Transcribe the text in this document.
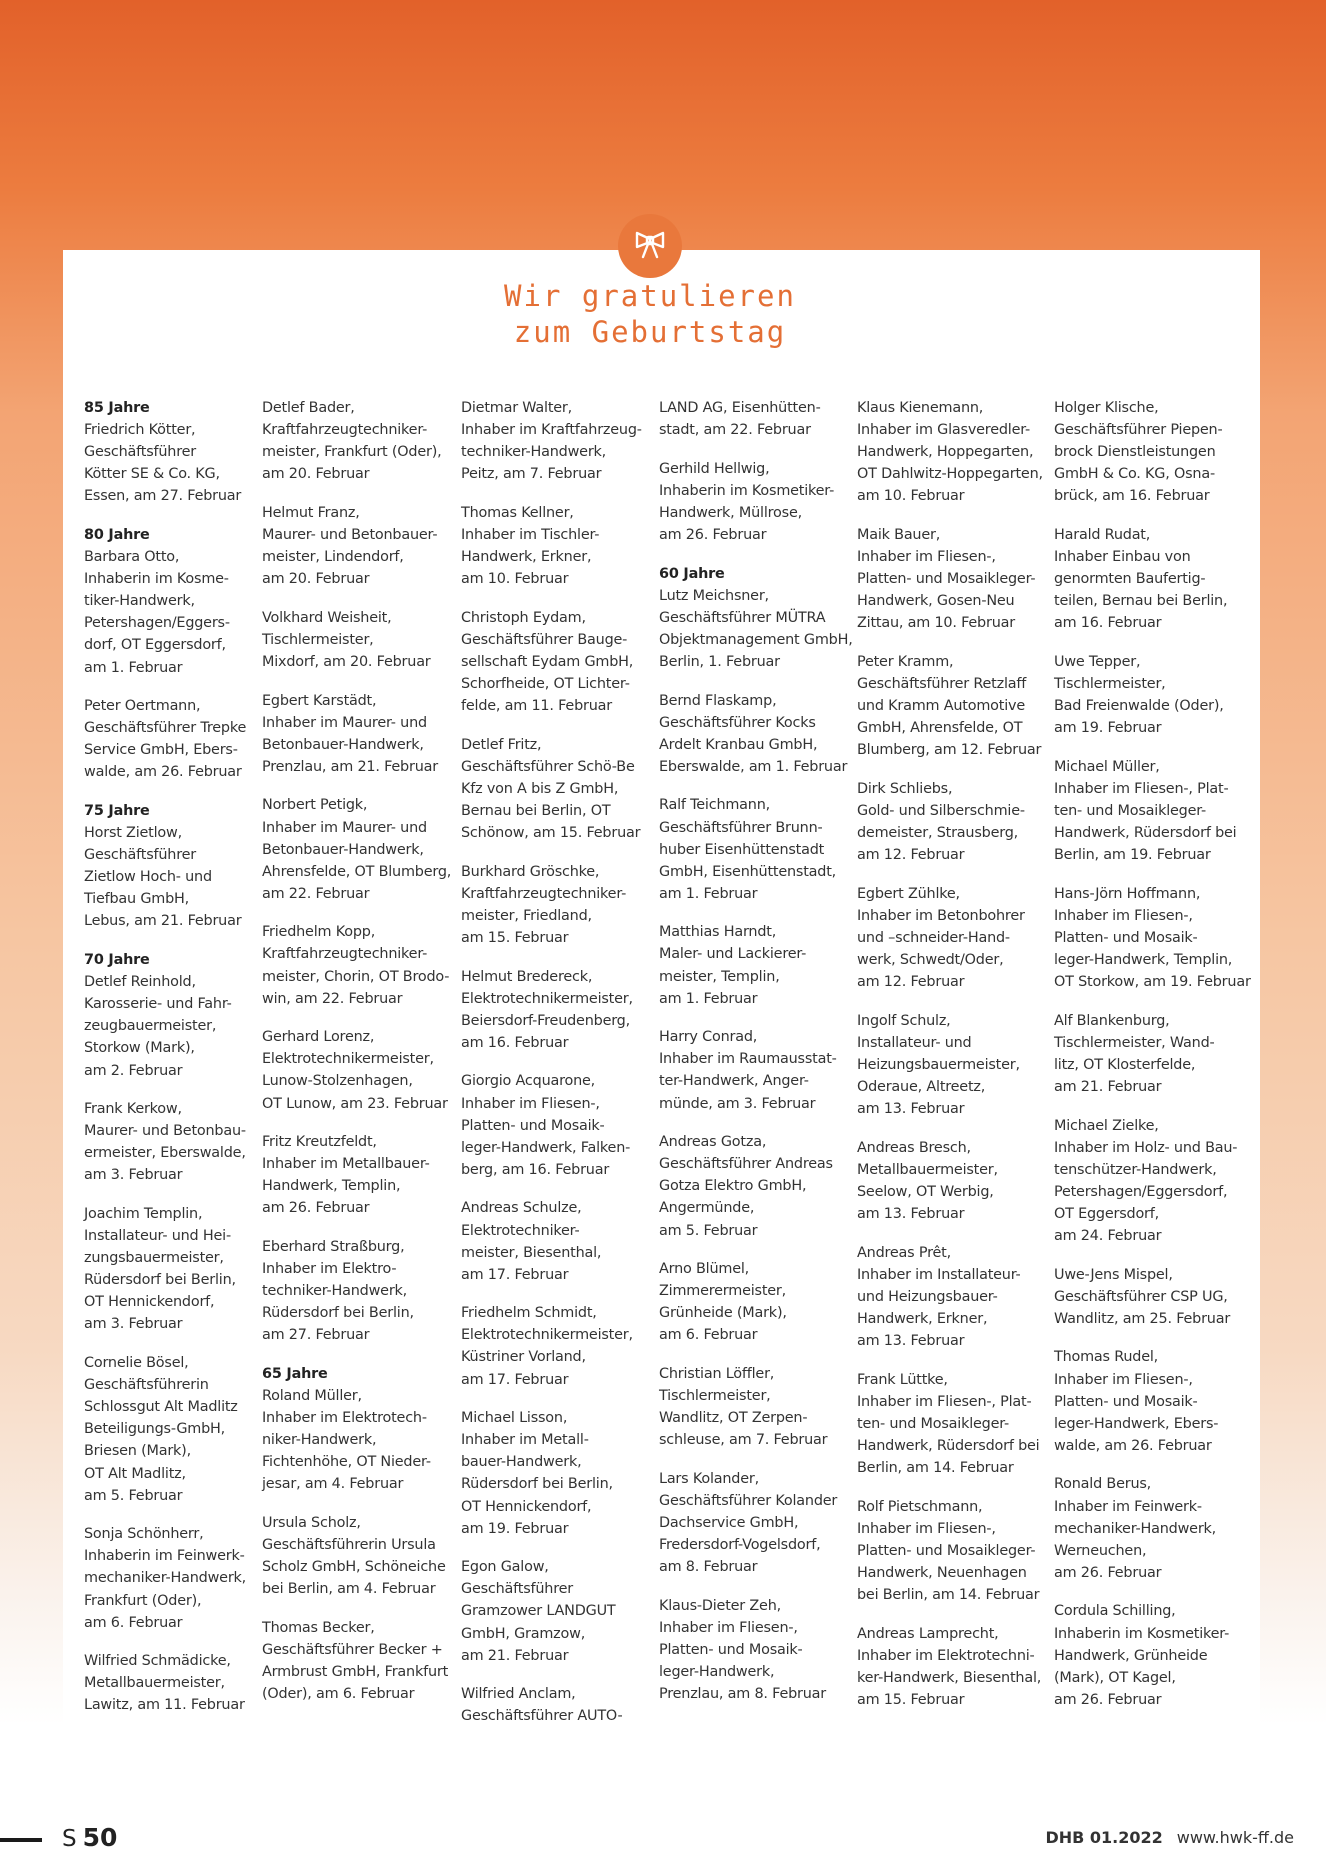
Wir gratulieren
zum Geburtstag
85 Jahre
Friedrich Kötter,
Geschäftsführer
Kötter SE & Co. KG,
Essen, am 27. Februar
80 Jahre
Barbara Otto,
Inhaberin im Kosme-
tiker-Handwerk,
Petershagen/Eggers-
dorf, OT Eggersdorf,
am 1. Februar
Peter Oertmann,
Geschäftsführer Trepke
Service GmbH, Ebers-
walde, am 26. Februar
75 Jahre
Horst Zietlow,
Geschäftsführer
Zietlow Hoch- und
Tiefbau GmbH,
Lebus, am 21. Februar
70 Jahre
Detlef Reinhold,
Karosserie- und Fahr-
zeugbauermeister,
Storkow (Mark),
am 2. Februar
Frank Kerkow,
Maurer- und Betonbau-
ermeister, Eberswalde,
am 3. Februar
Joachim Templin,
Installateur- und Hei-
zungsbauermeister,
Rüdersdorf bei Berlin,
OT Hennickendorf,
am 3. Februar
Cornelie Bösel,
Geschäftsführerin
Schlossgut Alt Madlitz
Beteiligungs-GmbH,
Briesen (Mark),
OT Alt Madlitz,
am 5. Februar
Sonja Schönherr,
Inhaberin im Feinwerk-
mechaniker-Handwerk,
Frankfurt (Oder),
am 6. Februar
Wilfried Schmädicke,
Metallbauermeister,
Lawitz, am 11. Februar
Detlef Bader,
Kraftfahrzeugtechniker-
meister, Frankfurt (Oder),
am 20. Februar
Helmut Franz,
Maurer- und Betonbauer-
meister, Lindendorf,
am 20. Februar
Volkhard Weisheit,
Tischlermeister,
Mixdorf, am 20. Februar
Egbert Karstädt,
Inhaber im Maurer- und
Betonbauer-Handwerk,
Prenzlau, am 21. Februar
Norbert Petigk,
Inhaber im Maurer- und
Betonbauer-Handwerk,
Ahrensfelde, OT Blumberg,
am 22. Februar
Friedhelm Kopp,
Kraftfahrzeugtechniker-
meister, Chorin, OT Brodo-
win, am 22. Februar
Gerhard Lorenz,
Elektrotechnikermeister,
Lunow-Stolzenhagen,
OT Lunow, am 23. Februar
Fritz Kreutzfeldt,
Inhaber im Metallbauer-
Handwerk, Templin,
am 26. Februar
Eberhard Straßburg,
Inhaber im Elektro-
techniker-Handwerk,
Rüdersdorf bei Berlin,
am 27. Februar
65 Jahre
Roland Müller,
Inhaber im Elektrotech-
niker-Handwerk,
Fichtenhöhe, OT Nieder-
jesar, am 4. Februar
Ursula Scholz,
Geschäftsführerin Ursula
Scholz GmbH, Schöneiche
bei Berlin, am 4. Februar
Thomas Becker,
Geschäftsführer Becker +
Armbrust GmbH, Frankfurt
(Oder), am 6. Februar
Dietmar Walter,
Inhaber im Kraftfahrzeug-
techniker-Handwerk,
Peitz, am 7. Februar
Thomas Kellner,
Inhaber im Tischler-
Handwerk, Erkner,
am 10. Februar
Christoph Eydam,
Geschäftsführer Bauge-
sellschaft Eydam GmbH,
Schorfheide, OT Lichter-
felde, am 11. Februar
Detlef Fritz,
Geschäftsführer Schö-Be
Kfz von A bis Z GmbH,
Bernau bei Berlin, OT
Schönow, am 15. Februar
Burkhard Gröschke,
Kraftfahrzeugtechniker-
meister, Friedland,
am 15. Februar
Helmut Bredereck,
Elektrotechnikermeister,
Beiersdorf-Freudenberg,
am 16. Februar
Giorgio Acquarone,
Inhaber im Fliesen-,
Platten- und Mosaik-
leger-Handwerk, Falken-
berg, am 16. Februar
Andreas Schulze,
Elektrotechniker-
meister, Biesenthal,
am 17. Februar
Friedhelm Schmidt,
Elektrotechnikermeister,
Küstriner Vorland,
am 17. Februar
Michael Lisson,
Inhaber im Metall-
bauer-Handwerk,
Rüdersdorf bei Berlin,
OT Hennickendorf,
am 19. Februar
Egon Galow,
Geschäftsführer
Gramzower LANDGUT
GmbH, Gramzow,
am 21. Februar
Wilfried Anclam,
Geschäftsführer AUTO-
LAND AG, Eisenhütten-
stadt, am 22. Februar
Gerhild Hellwig,
Inhaberin im Kosmetiker-
Handwerk, Müllrose,
am 26. Februar
60 Jahre
Lutz Meichsner,
Geschäftsführer MÜTRA
Objektmanagement GmbH,
Berlin, 1. Februar
Bernd Flaskamp,
Geschäftsführer Kocks
Ardelt Kranbau GmbH,
Eberswalde, am 1. Februar
Ralf Teichmann,
Geschäftsführer Brunn-
huber Eisenhüttenstadt
GmbH, Eisenhüttenstadt,
am 1. Februar
Matthias Harndt,
Maler- und Lackierer-
meister, Templin,
am 1. Februar
Harry Conrad,
Inhaber im Raumausstat-
ter-Handwerk, Anger-
münde, am 3. Februar
Andreas Gotza,
Geschäftsführer Andreas
Gotza Elektro GmbH,
Angermünde,
am 5. Februar
Arno Blümel,
Zimmerermeister,
Grünheide (Mark),
am 6. Februar
Christian Löffler,
Tischlermeister,
Wandlitz, OT Zerpen-
schleuse, am 7. Februar
Lars Kolander,
Geschäftsführer Kolander
Dachservice GmbH,
Fredersdorf-Vogelsdorf,
am 8. Februar
Klaus-Dieter Zeh,
Inhaber im Fliesen-,
Platten- und Mosaik-
leger-Handwerk,
Prenzlau, am 8. Februar
Klaus Kienemann,
Inhaber im Glasveredler-
Handwerk, Hoppegarten,
OT Dahlwitz-Hoppegarten,
am 10. Februar
Maik Bauer,
Inhaber im Fliesen-,
Platten- und Mosaikleger-
Handwerk, Gosen-Neu
Zittau, am 10. Februar
Peter Kramm,
Geschäftsführer Retzlaff
und Kramm Automotive
GmbH, Ahrensfelde, OT
Blumberg, am 12. Februar
Dirk Schliebs,
Gold- und Silberschmie-
demeister, Strausberg,
am 12. Februar
Egbert Zühlke,
Inhaber im Betonbohrer
und –schneider-Hand-
werk, Schwedt/Oder,
am 12. Februar
Ingolf Schulz,
Installateur- und
Heizungsbauermeister,
Oderaue, Altreetz,
am 13. Februar
Andreas Bresch,
Metallbauermeister,
Seelow, OT Werbig,
am 13. Februar
Andreas Prêt,
Inhaber im Installateur-
und Heizungsbauer-
Handwerk, Erkner,
am 13. Februar
Frank Lüttke,
Inhaber im Fliesen-, Plat-
ten- und Mosaikleger-
Handwerk, Rüdersdorf bei
Berlin, am 14. Februar
Rolf Pietschmann,
Inhaber im Fliesen-,
Platten- und Mosaikleger-
Handwerk, Neuenhagen
bei Berlin, am 14. Februar
Andreas Lamprecht,
Inhaber im Elektrotechni-
ker-Handwerk, Biesenthal,
am 15. Februar
Holger Klische,
Geschäftsführer Piepen-
brock Dienstleistungen
GmbH & Co. KG, Osna-
brück, am 16. Februar
Harald Rudat,
Inhaber Einbau von
genormten Baufertig-
teilen, Bernau bei Berlin,
am 16. Februar
Uwe Tepper,
Tischlermeister,
Bad Freienwalde (Oder),
am 19. Februar
Michael Müller,
Inhaber im Fliesen-, Plat-
ten- und Mosaikleger-
Handwerk, Rüdersdorf bei
Berlin, am 19. Februar
Hans-Jörn Hoffmann,
Inhaber im Fliesen-,
Platten- und Mosaik-
leger-Handwerk, Templin,
OT Storkow, am 19. Februar
Alf Blankenburg,
Tischlermeister, Wand-
litz, OT Klosterfelde,
am 21. Februar
Michael Zielke,
Inhaber im Holz- und Bau-
tenschützer-Handwerk,
Petershagen/Eggersdorf,
OT Eggersdorf,
am 24. Februar
Uwe-Jens Mispel,
Geschäftsführer CSP UG,
Wandlitz, am 25. Februar
Thomas Rudel,
Inhaber im Fliesen-,
Platten- und Mosaik-
leger-Handwerk, Ebers-
walde, am 26. Februar
Ronald Berus,
Inhaber im Feinwerk-
mechaniker-Handwerk,
Werneuchen,
am 26. Februar
Cordula Schilling,
Inhaberin im Kosmetiker-
Handwerk, Grünheide
(Mark), OT Kagel,
am 26. Februar
S 50	DHB 01.2022 www.hwk-ff.de
